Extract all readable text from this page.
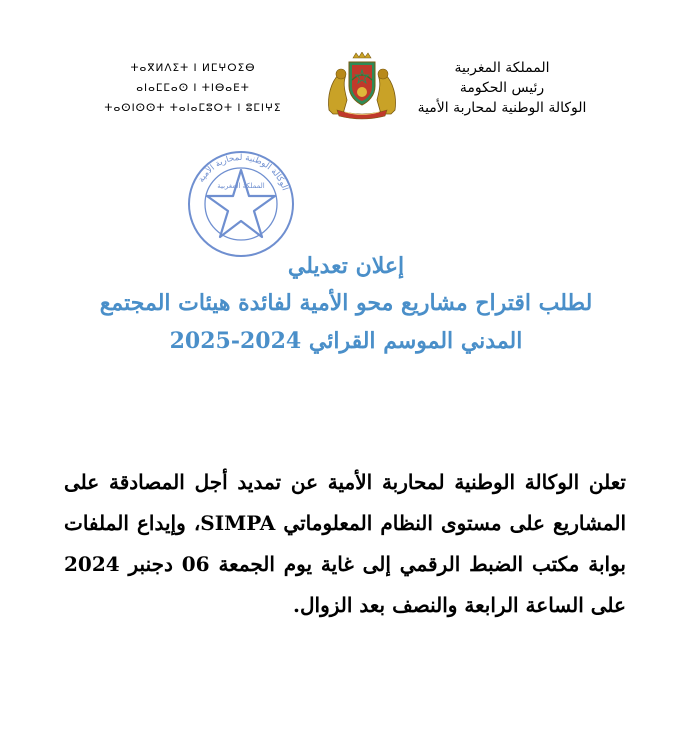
المملكة المغربية
رئيس الحكومة
الوكالة الوطنية لمحاربة الأمية
ⵜⴰⴳⵍⴷⵉⵜ ⵏ ⵍⵎⵖⵔⵉⴱ
ⴰⵏⴰⵎⵎⴰⵙ ⵏ ⵜⵏⴱⴰⴹⵜ
ⵜⴰⵙⵏⵙⵙⵜ ⵜⴰⵏⴰⵎⵓⵔⵜ ⵏ ⵓⵎⵏⵖⵉ
الوكالة الوطنية لمحاربة الأمية
المملكة المغربية
إعلان تعديلي
لطلب اقتراح مشاريع محو الأمية لفائدة هيئات المجتمع
المدني الموسم القرائي 2024-2025
تعلن الوكالة الوطنية لمحاربة الأمية عن تمديد أجل المصادقة على المشاريع على مستوى النظام المعلوماتي SIMPA، وإيداع الملفات بوابة مكتب الضبط الرقمي إلى غاية يوم الجمعة 06 دجنبر 2024 على الساعة الرابعة والنصف بعد الزوال.
